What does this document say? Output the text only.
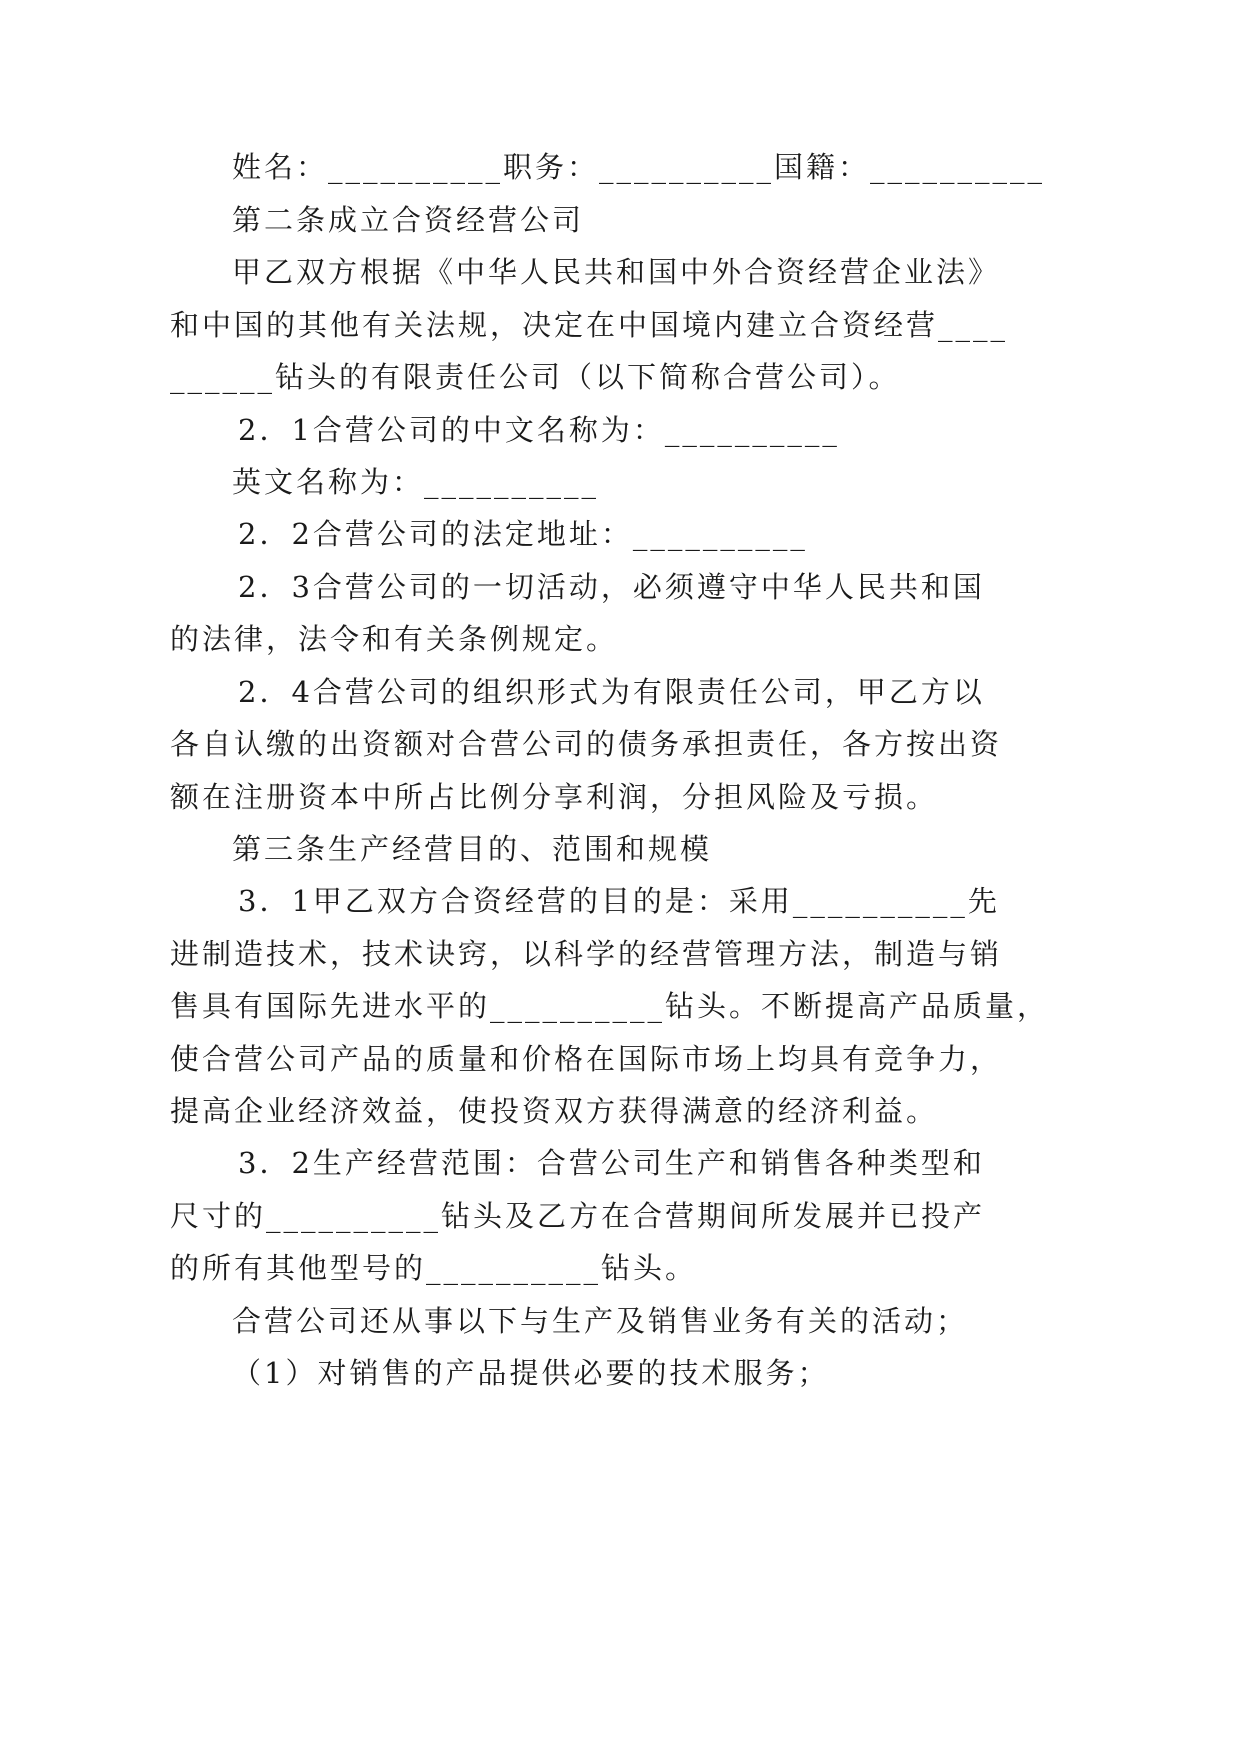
姓名：__________职务：__________国籍：__________
第二条成立合资经营公司
甲乙双方根据《中华人民共和国中外合资经营企业法》
和中国的其他有关法规，决定在中国境内建立合资经营____
______钻头的有限责任公司（以下简称合营公司）。
2．1合营公司的中文名称为：__________
英文名称为：__________
2．2合营公司的法定地址：__________
2．3合营公司的一切活动，必须遵守中华人民共和国
的法律，法令和有关条例规定。
2．4合营公司的组织形式为有限责任公司，甲乙方以
各自认缴的出资额对合营公司的债务承担责任，各方按出资
额在注册资本中所占比例分享利润，分担风险及亏损。
第三条生产经营目的、范围和规模
3．1甲乙双方合资经营的目的是：采用__________先
进制造技术，技术诀窍，以科学的经营管理方法，制造与销
售具有国际先进水平的__________钻头。不断提高产品质量，
使合营公司产品的质量和价格在国际市场上均具有竞争力，
提高企业经济效益，使投资双方获得满意的经济利益。
3．2生产经营范围：合营公司生产和销售各种类型和
尺寸的__________钻头及乙方在合营期间所发展并已投产
的所有其他型号的__________钻头。
合营公司还从事以下与生产及销售业务有关的活动；
（1）对销售的产品提供必要的技术服务；
